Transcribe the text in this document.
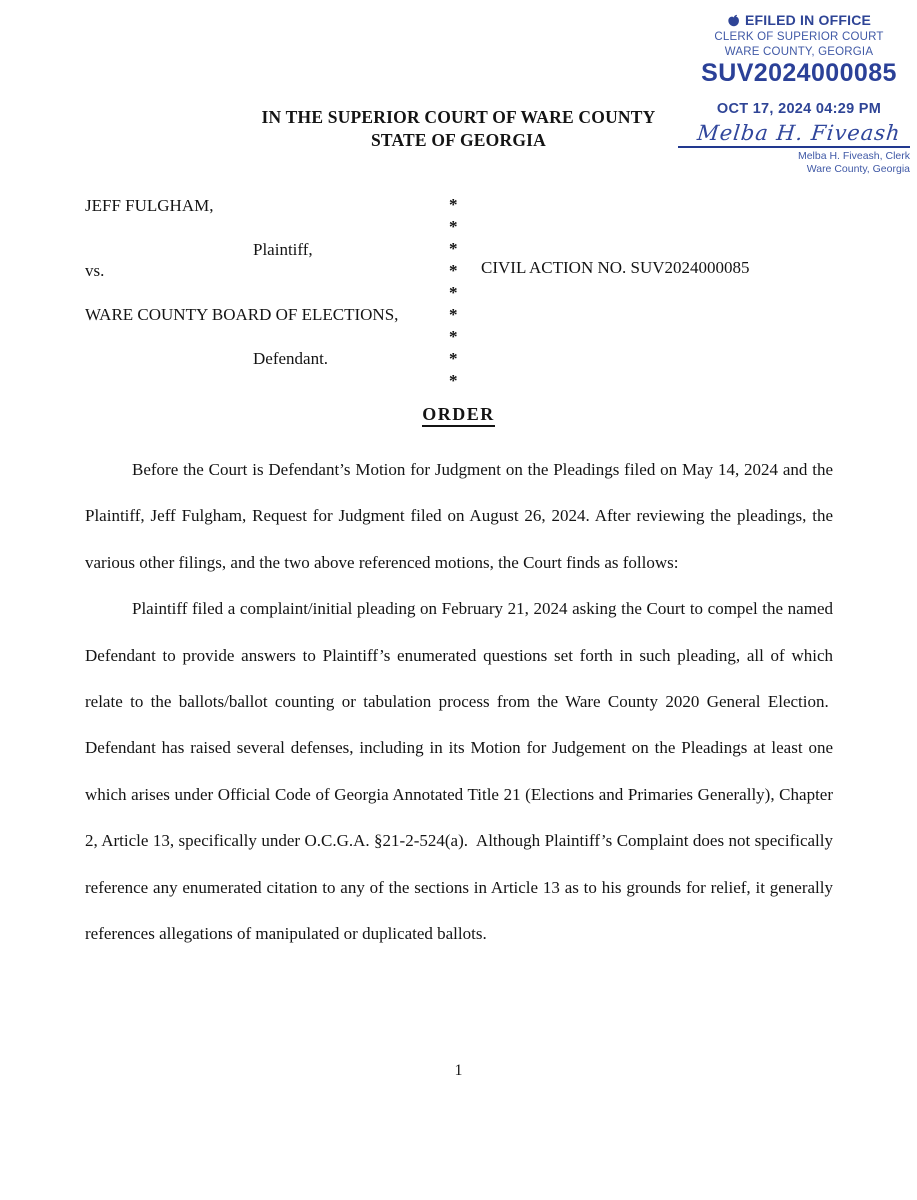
EFILED IN OFFICE
CLERK OF SUPERIOR COURT
WARE COUNTY, GEORGIA
SUV2024000085
OCT 17, 2024 04:29 PM
Melba H. Fiveash
Melba H. Fiveash, Clerk
Ware County, Georgia
IN THE SUPERIOR COURT OF WARE COUNTY
STATE OF GEORGIA
JEFF FULGHAM,
Plaintiff,
vs.
WARE COUNTY BOARD OF ELECTIONS,
Defendant.
*
*
*
*
*
*
*
*
*
CIVIL ACTION NO. SUV2024000085
ORDER

Before the Court is Defendant’s Motion for Judgment on the Pleadings filed on May 14, 2024 and the Plaintiff, Jeff Fulgham, Request for Judgment filed on August 26, 2024. After reviewing the pleadings, the various other filings, and the two above referenced motions, the Court finds as follows:

Plaintiff filed a complaint/initial pleading on February 21, 2024 asking the Court to compel the named Defendant to provide answers to Plaintiff’s enumerated questions set forth in such pleading, all of which relate to the ballots/ballot counting or tabulation process from the Ware County 2020 General Election.  Defendant has raised several defenses, including in its Motion for Judgement on the Pleadings at least one which arises under Official Code of Georgia Annotated Title 21 (Elections and Primaries Generally), Chapter 2, Article 13, specifically under O.C.G.A. §21-2-524(a).  Although Plaintiff’s Complaint does not specifically reference any enumerated citation to any of the sections in Article 13 as to his grounds for relief, it generally references allegations of manipulated or duplicated ballots.

1
